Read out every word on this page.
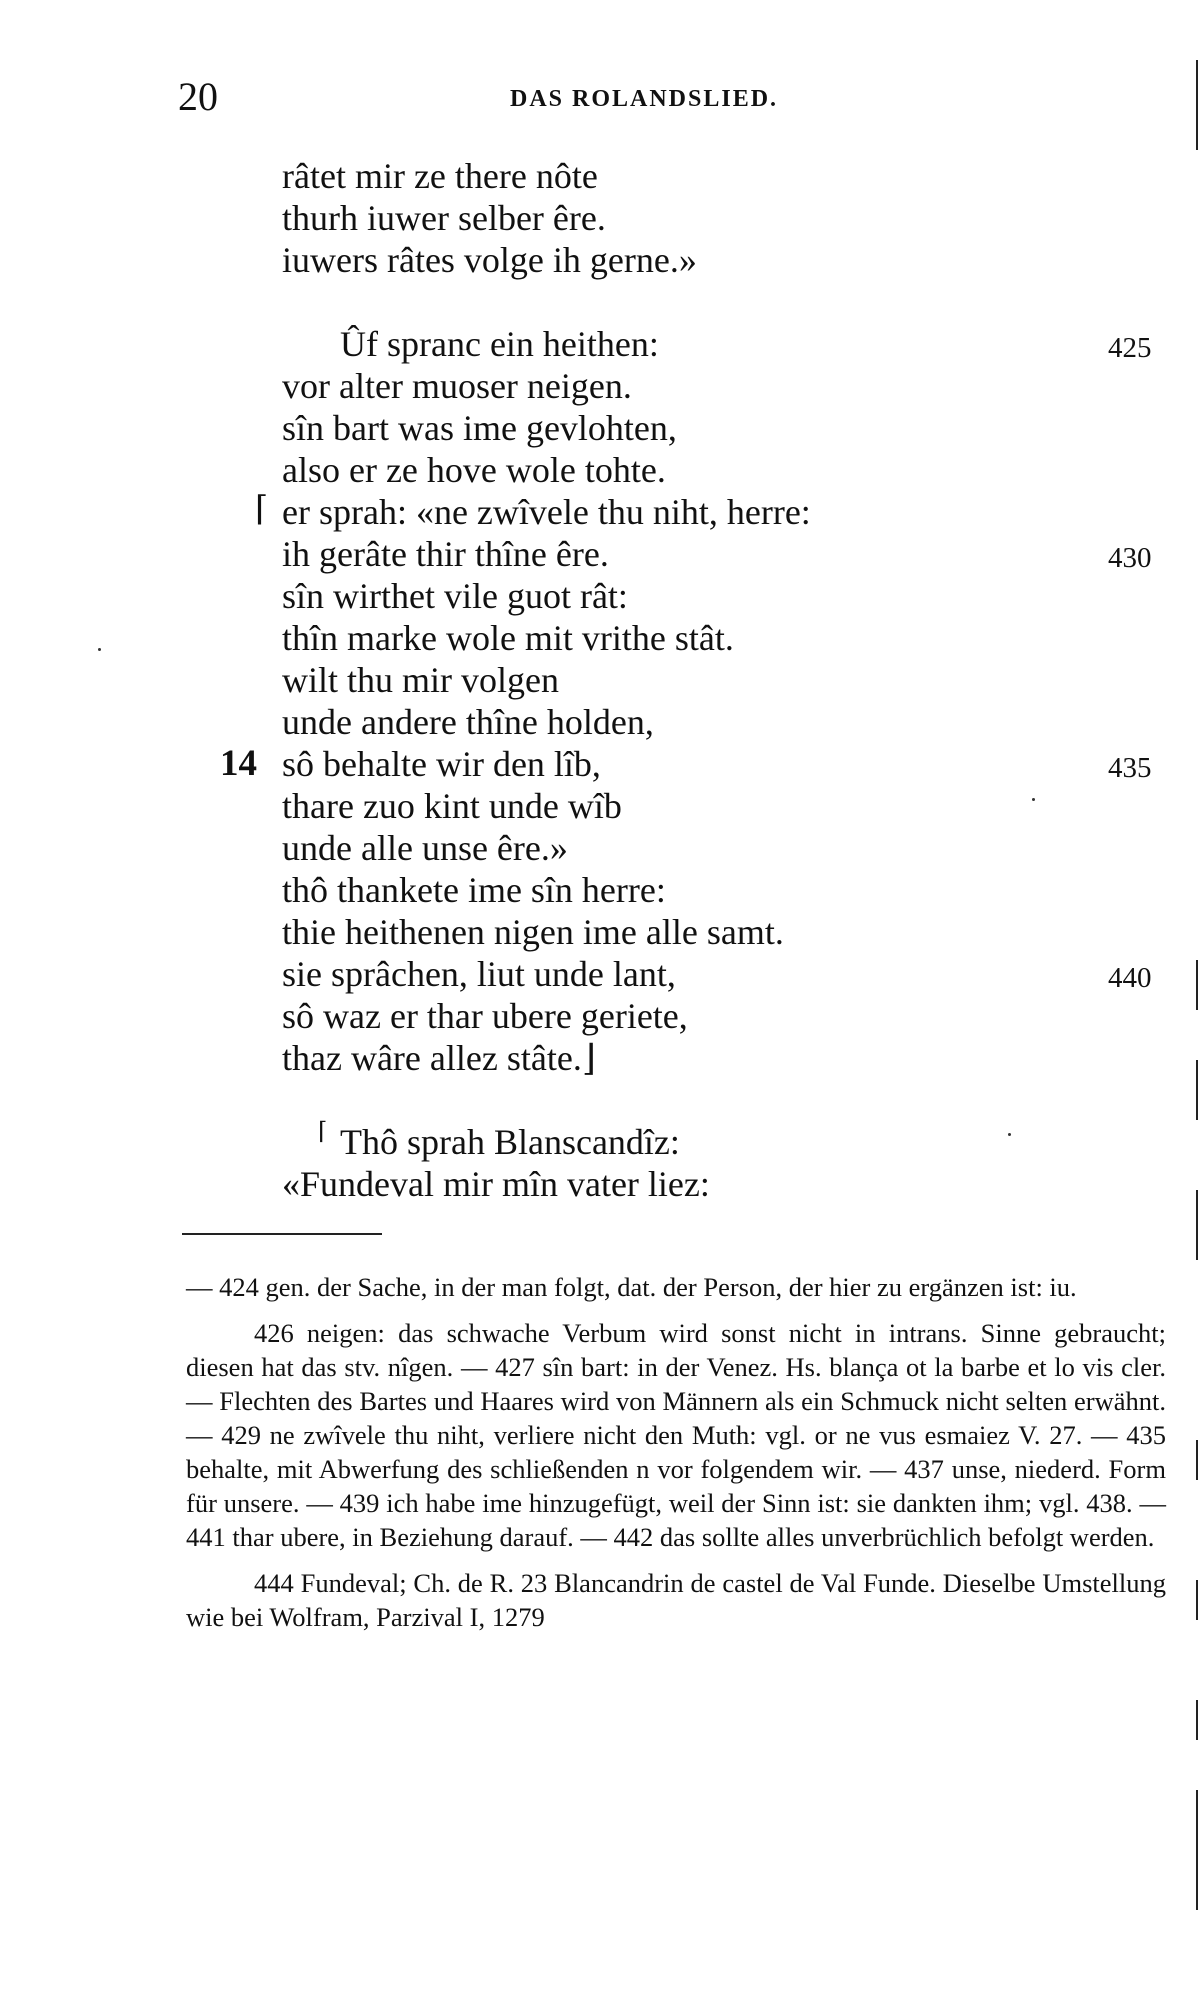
20	DAS ROLANDSLIED.
râtet mir ze there nôte
thurh iuwer selber êre.
iuwers râtes volge ih gerne.»
Ûf spranc ein heithen:	425
vor alter muoser neigen.
sîn bart was ime gevlohten,
also er ze hove wole tohte.
⌈ er sprah: «ne zwîvele thu niht, herre:
ih gerâte thir thîne êre.	430
sîn wirthet vile guot rât:
thîn marke wole mit vrithe stât.
wilt thu mir volgen
unde andere thîne holden,
14 sô behalte wir den lîb,	435
thare zuo kint unde wîb
unde alle unse êre.»
thô thankete ime sîn herre:
thie heithenen nigen ime alle samt.
sie sprâchen, liut unde lant,	440
sô waz er thar ubere geriete,
thaz wâre allez stâte.⌋
⌈ Thô sprah Blanscandîz:
«Fundeval mir mîn vater liez:

— 424 gen. der Sache, in der man folgt, dat. der Person, der hier zu ergänzen ist: iu.

426 neigen: das schwache Verbum wird sonst nicht in intrans. Sinne gebraucht; diesen hat das stv. nîgen. — 427 sîn bart: in der Venez. Hs. blança ot la barbe et lo vis cler. — Flechten des Bartes und Haares wird von Männern als ein Schmuck nicht selten erwähnt. — 429 ne zwîvele thu niht, verliere nicht den Muth: vgl. or ne vus esmaiez V. 27. — 435 behalte, mit Abwerfung des schließenden n vor folgendem wir. — 437 unse, niederd. Form für unsere. — 439 ich habe ime hinzugefügt, weil der Sinn ist: sie dankten ihm; vgl. 438. — 441 thar ubere, in Beziehung darauf. — 442 das sollte alles unverbrüchlich befolgt werden.

444 Fundeval; Ch. de R. 23 Blancandrin de castel de Val Funde. Dieselbe Umstellung wie bei Wolfram, Parzival I, 1279
